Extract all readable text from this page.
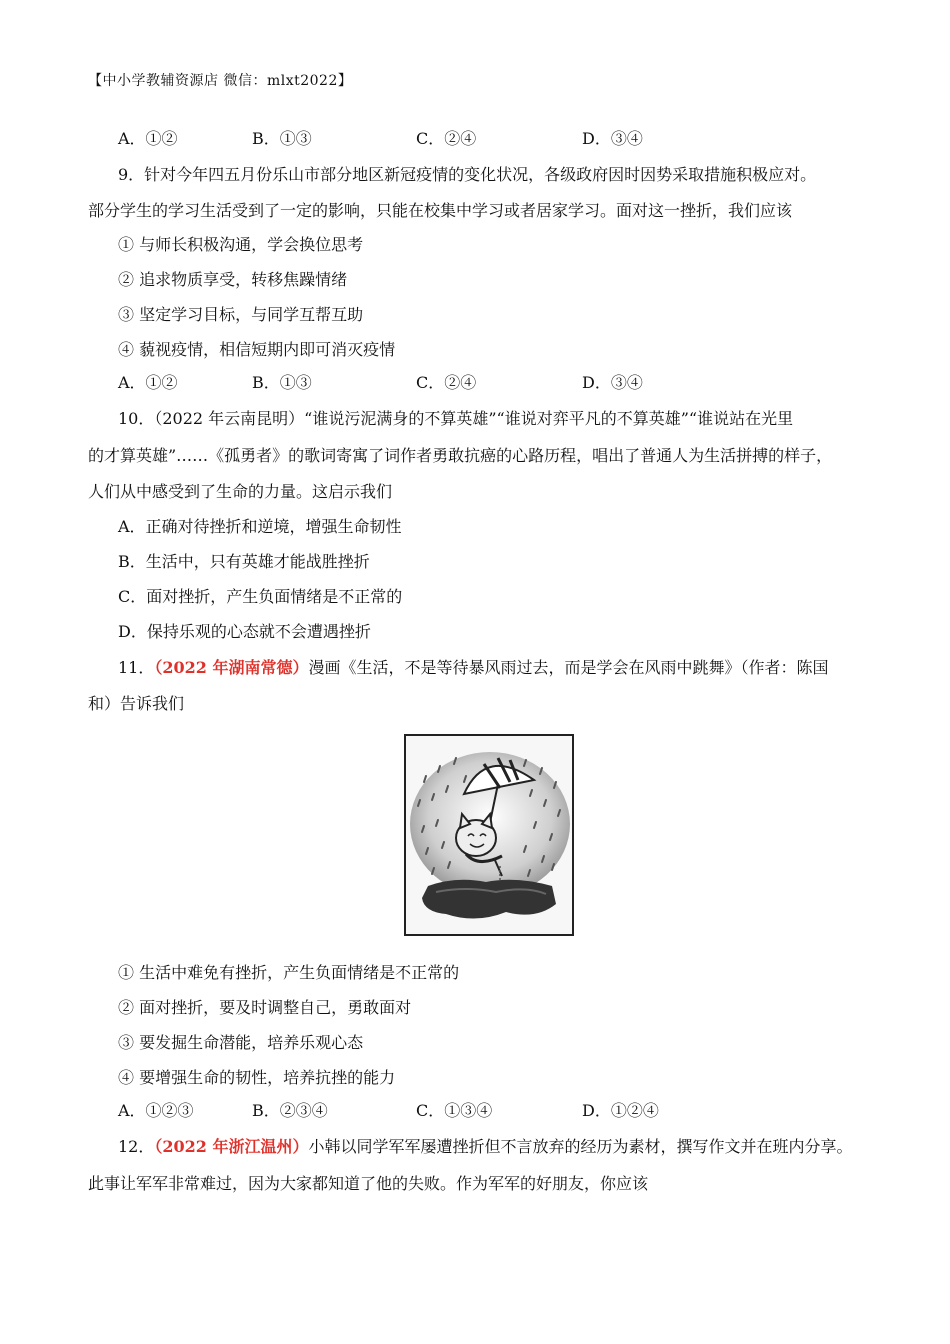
【中小学教辅资源店 微信：mlxt2022】
A．①②	B．①③	C．②④	D．③④
9．针对今年四五月份乐山市部分地区新冠疫情的变化状况，各级政府因时因势采取措施积极应对。
部分学生的学习生活受到了一定的影响，只能在校集中学习或者居家学习。面对这一挫折，我们应该
① 与师长积极沟通，学会换位思考
② 追求物质享受，转移焦躁情绪
③ 坚定学习目标，与同学互帮互助
④ 藐视疫情，相信短期内即可消灭疫情
A．①②	B．①③	C．②④	D．③④
10．（2022 年云南昆明）“谁说污泥满身的不算英雄”“谁说对弈平凡的不算英雄”“谁说站在光里
的才算英雄”……《孤勇者》的歌词寄寓了词作者勇敢抗癌的心路历程，唱出了普通人为生活拼搏的样子，
人们从中感受到了生命的力量。这启示我们
A．正确对待挫折和逆境，增强生命韧性
B．生活中，只有英雄才能战胜挫折
C．面对挫折，产生负面情绪是不正常的
D．保持乐观的心态就不会遭遇挫折
11．（2022 年湖南常德）漫画《生活，不是等待暴风雨过去，而是学会在风雨中跳舞》（作者：陈国
和）告诉我们
① 生活中难免有挫折，产生负面情绪是不正常的
② 面对挫折，要及时调整自己，勇敢面对
③ 要发掘生命潜能，培养乐观心态
④ 要增强生命的韧性，培养抗挫的能力
A．①②③	B．②③④	C．①③④	D．①②④
12．（2022 年浙江温州）小韩以同学军军屡遭挫折但不言放弃的经历为素材，撰写作文并在班内分享。
此事让军军非常难过，因为大家都知道了他的失败。作为军军的好朋友，你应该
